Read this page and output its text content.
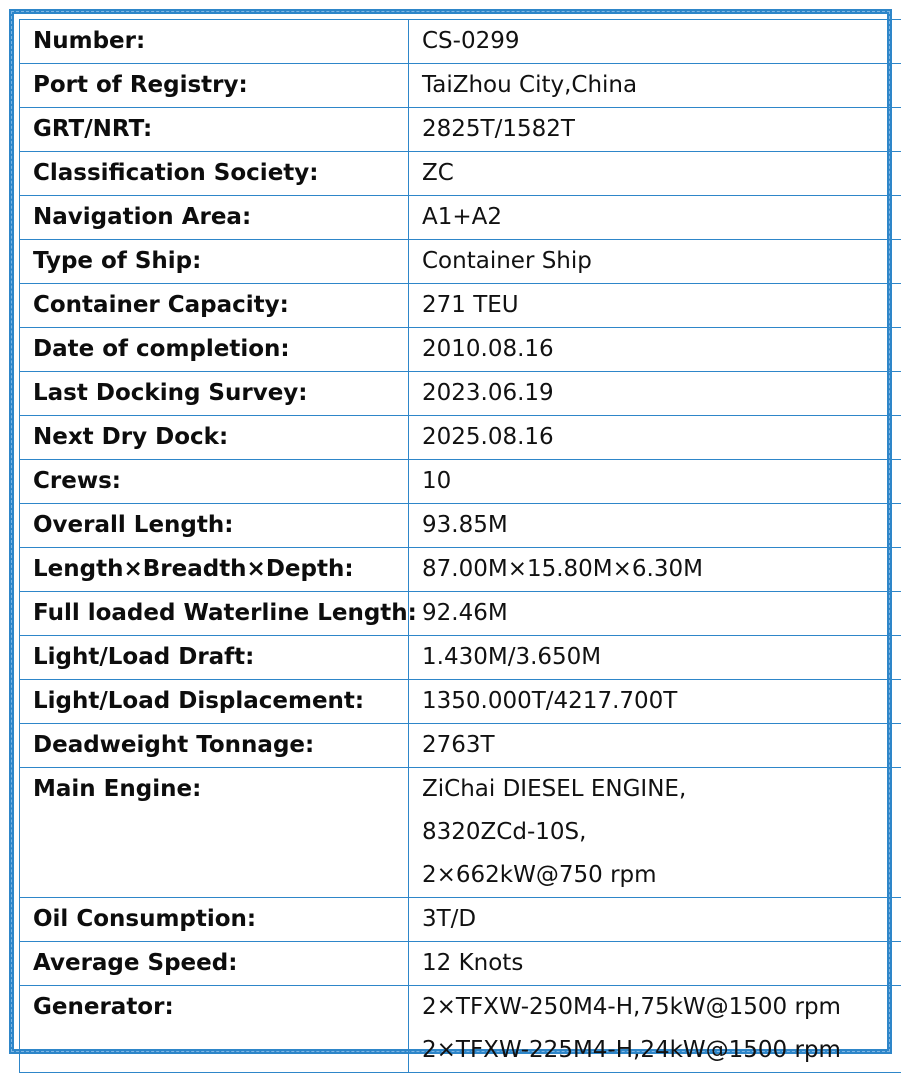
Number:	CS-0299

Port of Registry:	TaiZhou City,China

GRT/NRT:	2825T/1582T

Classification Society:	ZC

Navigation Area:	A1+A2

Type of Ship:	Container Ship

Container Capacity:	271 TEU

Date of completion:	2010.08.16

Last Docking Survey:	2023.06.19

Next Dry Dock:	2025.08.16

Crews:	10

Overall Length:	93.85M

Length×Breadth×Depth:	87.00M×15.80M×6.30M

Full loaded Waterline Length:	92.46M

Light/Load Draft:	1.430M/3.650M

Light/Load Displacement:	1350.000T/4217.700T

Deadweight Tonnage:	2763T

Main Engine:	ZiChai DIESEL ENGINE,
8320ZCd-10S,
2×662kW@750 rpm

Oil Consumption:	3T/D

Average Speed:	12 Knots

Generator:	2×TFXW-250M4-H,75kW@1500 rpm
2×TFXW-225M4-H,24kW@1500 rpm
